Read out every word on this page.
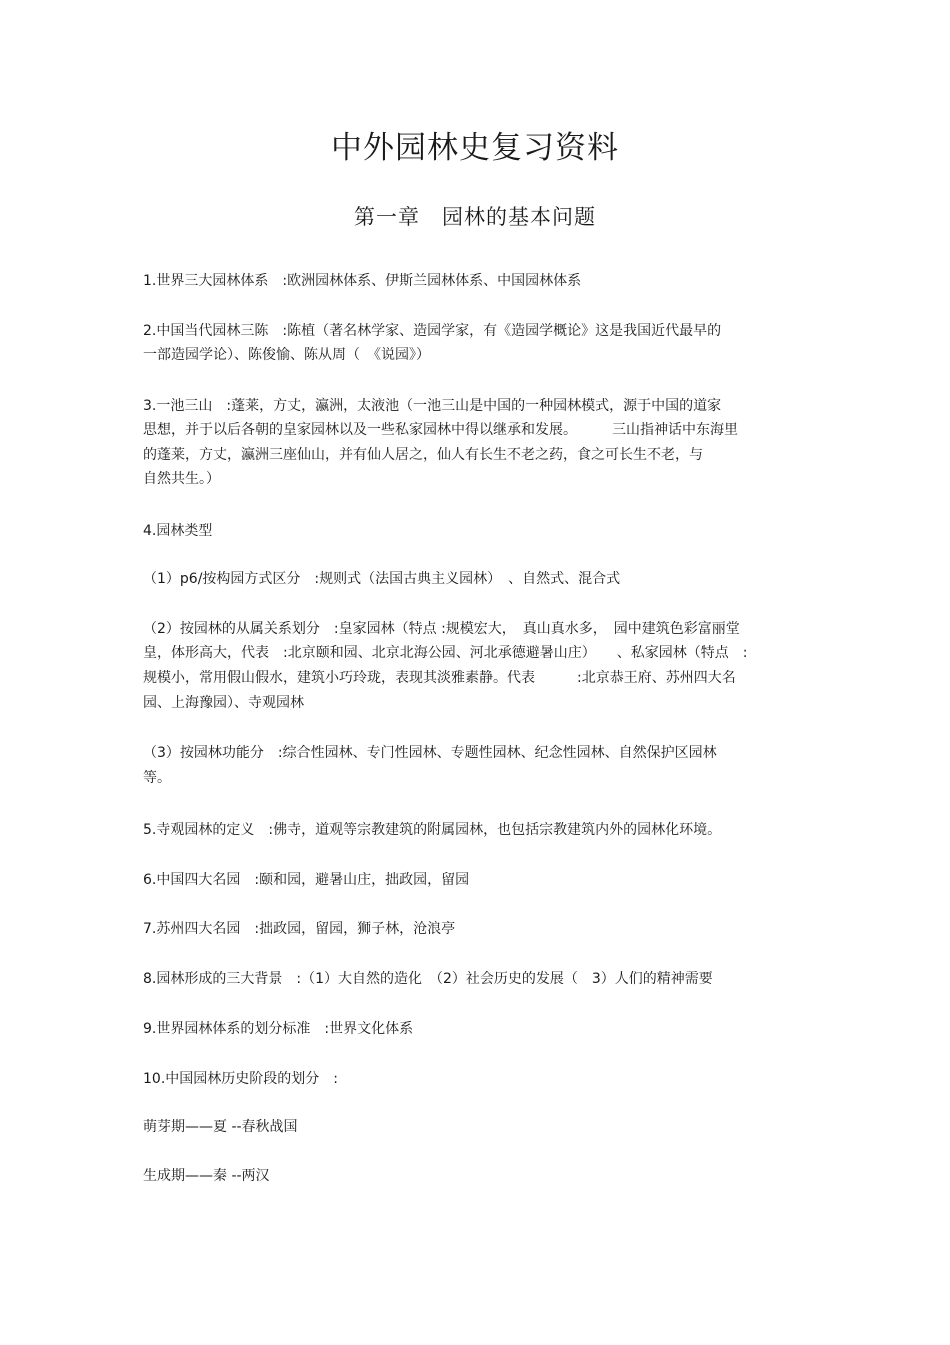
中外园林史复习资料
第一章　园林的基本问题
1.世界三大园林体系　:欧洲园林体系、伊斯兰园林体系、中国园林体系
2.中国当代园林三陈　:陈植（著名林学家、造园学家，有《造园学概论》这是我国近代最早的
一部造园学论）、陈俊愉、陈从周（　《说园》）
3.一池三山　:蓬莱，方丈，瀛洲，太液池（一池三山是中国的一种园林模式，源于中国的道家
思想，并于以后各朝的皇家园林以及一些私家园林中得以继承和发展。　　　三山指神话中东海里
的蓬莱，方丈，瀛洲三座仙山，并有仙人居之，仙人有长生不老之药，食之可长生不老，与
自然共生。）
4.园林类型
（1）p6/按构园方式区分　:规则式（法国古典主义园林）　、自然式、混合式
（2）按园林的从属关系划分　:皇家园林（特点 :规模宏大，　真山真水多，　园中建筑色彩富丽堂
皇，体形高大，代表　:北京颐和园、北京北海公园、河北承德避暑山庄）　　、私家园林（特点　:
规模小，常用假山假水，建筑小巧玲珑，表现其淡雅素静。代表　　　:北京恭王府、苏州四大名
园、上海豫园）、寺观园林
（3）按园林功能分　:综合性园林、专门性园林、专题性园林、纪念性园林、自然保护区园林
等。
5.寺观园林的定义　:佛寺，道观等宗教建筑的附属园林，也包括宗教建筑内外的园林化环境。
6.中国四大名园　:颐和园，避暑山庄，拙政园，留园
7.苏州四大名园　:拙政园，留园，狮子林，沧浪亭
8.园林形成的三大背景　:（1）大自然的造化　（2）社会历史的发展（　3）人们的精神需要
9.世界园林体系的划分标准　:世界文化体系
10.中国园林历史阶段的划分　:
萌芽期——夏 --春秋战国
生成期——秦 --两汉
